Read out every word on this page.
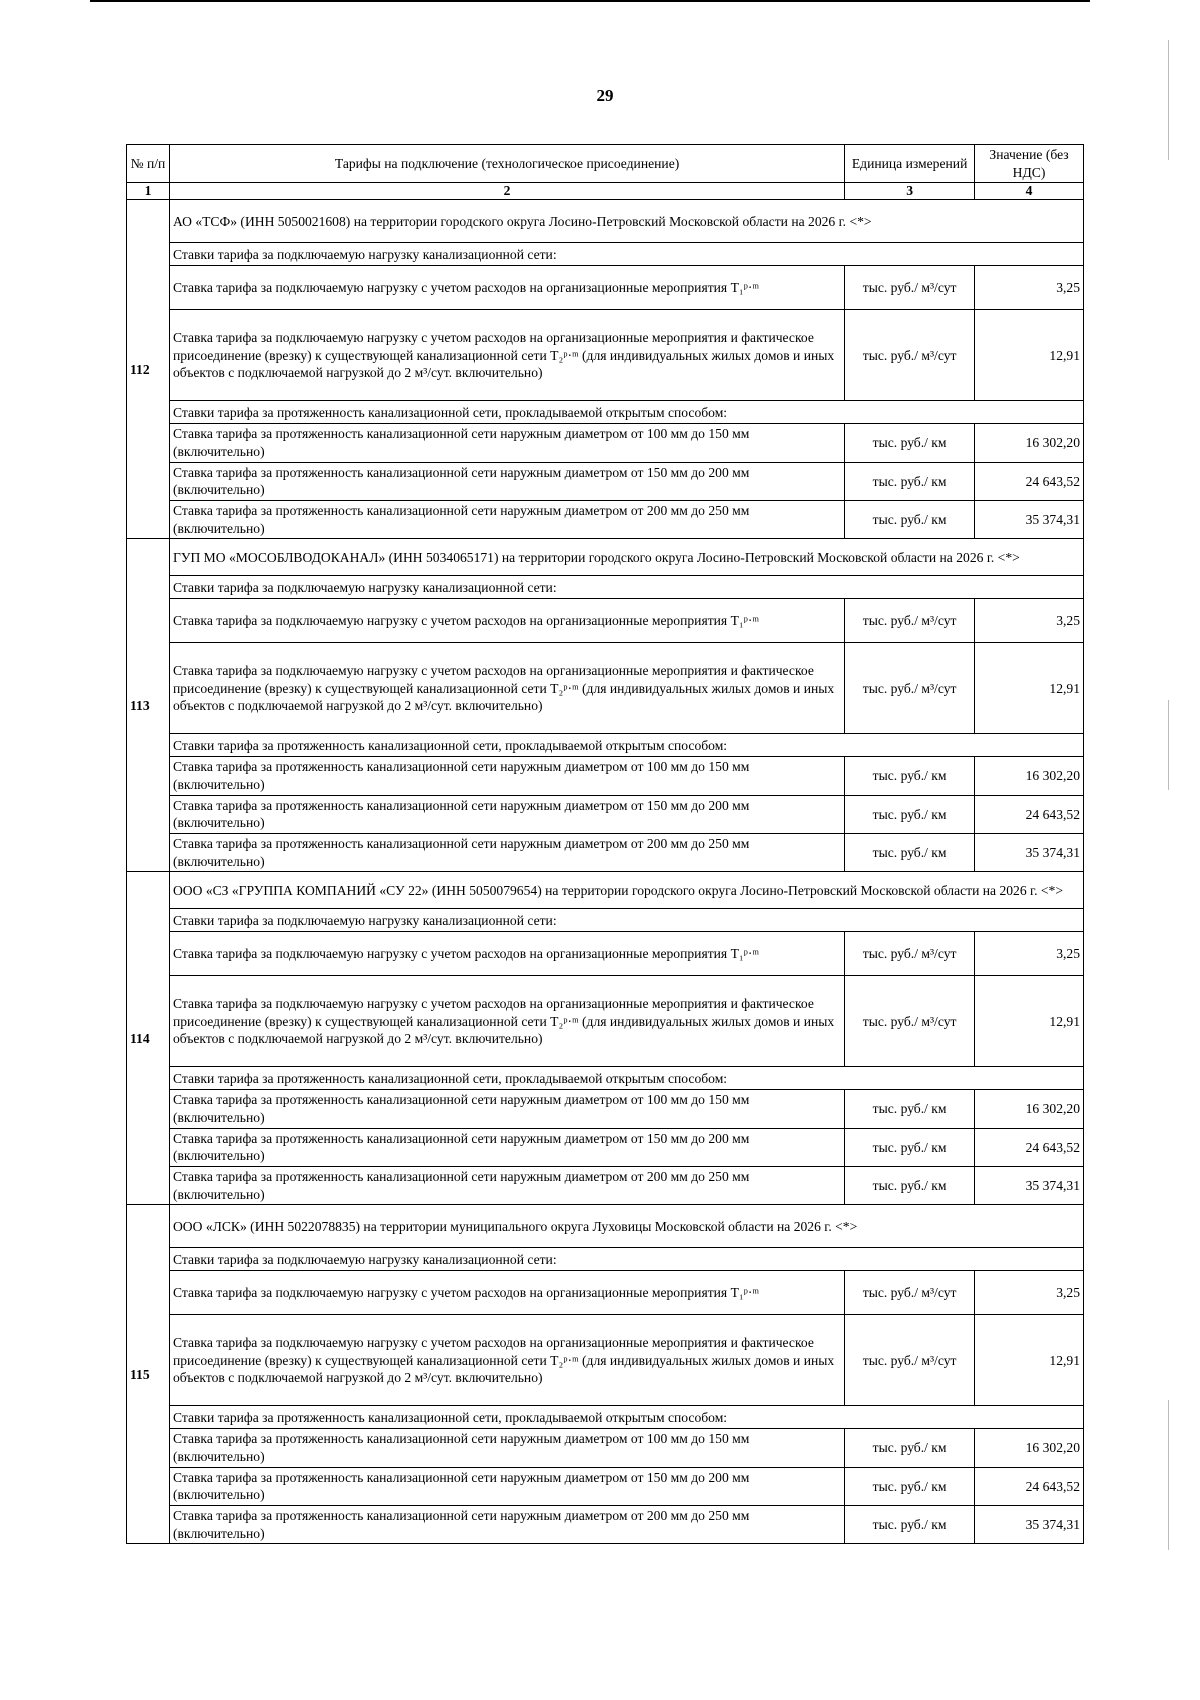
29
№ п/п	Тарифы на подключение (технологическое присоединение)	Единица измерений	Значение (без НДС)
1	2	3	4
112	АО «ТСФ» (ИНН 5050021608) на территории городского округа Лосино-Петровский Московской области на 2026 г. <*>		
	Ставки тарифа за подключаемую нагрузку канализационной сети:		
	Ставка тарифа за подключаемую нагрузку с учетом расходов на организационные мероприятия T₁ᵖ·ᵐ	тыс. руб./ м³/сут	3,25
	Ставка тарифа за подключаемую нагрузку с учетом расходов на организационные мероприятия и фактическое присоединение (врезку) к существующей канализационной сети T₂ᵖ·ᵐ (для индивидуальных жилых домов и иных объектов с подключаемой нагрузкой до 2 м³/сут. включительно)	тыс. руб./ м³/сут	12,91
	Ставки тарифа за протяженность канализационной сети, прокладываемой открытым способом:		
	Ставка тарифа за протяженность канализационной сети наружным диаметром от 100 мм до 150 мм (включительно)	тыс. руб./ км	16 302,20
	Ставка тарифа за протяженность канализационной сети наружным диаметром от 150 мм до 200 мм (включительно)	тыс. руб./ км	24 643,52
	Ставка тарифа за протяженность канализационной сети наружным диаметром от 200 мм до 250 мм (включительно)	тыс. руб./ км	35 374,31
113	ГУП МО «МОСОБЛВОДОКАНАЛ» (ИНН 5034065171) на территории городского округа Лосино-Петровский Московской области на 2026 г. <*>		
	Ставки тарифа за подключаемую нагрузку канализационной сети:		
	Ставка тарифа за подключаемую нагрузку с учетом расходов на организационные мероприятия T₁ᵖ·ᵐ	тыс. руб./ м³/сут	3,25
	Ставка тарифа за подключаемую нагрузку с учетом расходов на организационные мероприятия и фактическое присоединение (врезку) к существующей канализационной сети T₂ᵖ·ᵐ (для индивидуальных жилых домов и иных объектов с подключаемой нагрузкой до 2 м³/сут. включительно)	тыс. руб./ м³/сут	12,91
	Ставки тарифа за протяженность канализационной сети, прокладываемой открытым способом:		
	Ставка тарифа за протяженность канализационной сети наружным диаметром от 100 мм до 150 мм (включительно)	тыс. руб./ км	16 302,20
	Ставка тарифа за протяженность канализационной сети наружным диаметром от 150 мм до 200 мм (включительно)	тыс. руб./ км	24 643,52
	Ставка тарифа за протяженность канализационной сети наружным диаметром от 200 мм до 250 мм (включительно)	тыс. руб./ км	35 374,31
114	ООО «СЗ «ГРУППА КОМПАНИЙ «СУ 22» (ИНН 5050079654) на территории городского округа Лосино-Петровский Московской области на 2026 г. <*>		
	Ставки тарифа за подключаемую нагрузку канализационной сети:		
	Ставка тарифа за подключаемую нагрузку с учетом расходов на организационные мероприятия T₁ᵖ·ᵐ	тыс. руб./ м³/сут	3,25
	Ставка тарифа за подключаемую нагрузку с учетом расходов на организационные мероприятия и фактическое присоединение (врезку) к существующей канализационной сети T₂ᵖ·ᵐ (для индивидуальных жилых домов и иных объектов с подключаемой нагрузкой до 2 м³/сут. включительно)	тыс. руб./ м³/сут	12,91
	Ставки тарифа за протяженность канализационной сети, прокладываемой открытым способом:		
	Ставка тарифа за протяженность канализационной сети наружным диаметром от 100 мм до 150 мм (включительно)	тыс. руб./ км	16 302,20
	Ставка тарифа за протяженность канализационной сети наружным диаметром от 150 мм до 200 мм (включительно)	тыс. руб./ км	24 643,52
	Ставка тарифа за протяженность канализационной сети наружным диаметром от 200 мм до 250 мм (включительно)	тыс. руб./ км	35 374,31
115	ООО «ЛСК» (ИНН 5022078835) на территории муниципального округа Луховицы Московской области на 2026 г. <*>		
	Ставки тарифа за подключаемую нагрузку канализационной сети:		
	Ставка тарифа за подключаемую нагрузку с учетом расходов на организационные мероприятия T₁ᵖ·ᵐ	тыс. руб./ м³/сут	3,25
	Ставка тарифа за подключаемую нагрузку с учетом расходов на организационные мероприятия и фактическое присоединение (врезку) к существующей канализационной сети T₂ᵖ·ᵐ (для индивидуальных жилых домов и иных объектов с подключаемой нагрузкой до 2 м³/сут. включительно)	тыс. руб./ м³/сут	12,91
	Ставки тарифа за протяженность канализационной сети, прокладываемой открытым способом:		
	Ставка тарифа за протяженность канализационной сети наружным диаметром от 100 мм до 150 мм (включительно)	тыс. руб./ км	16 302,20
	Ставка тарифа за протяженность канализационной сети наружным диаметром от 150 мм до 200 мм (включительно)	тыс. руб./ км	24 643,52
	Ставка тарифа за протяженность канализационной сети наружным диаметром от 200 мм до 250 мм (включительно)	тыс. руб./ км	35 374,31
